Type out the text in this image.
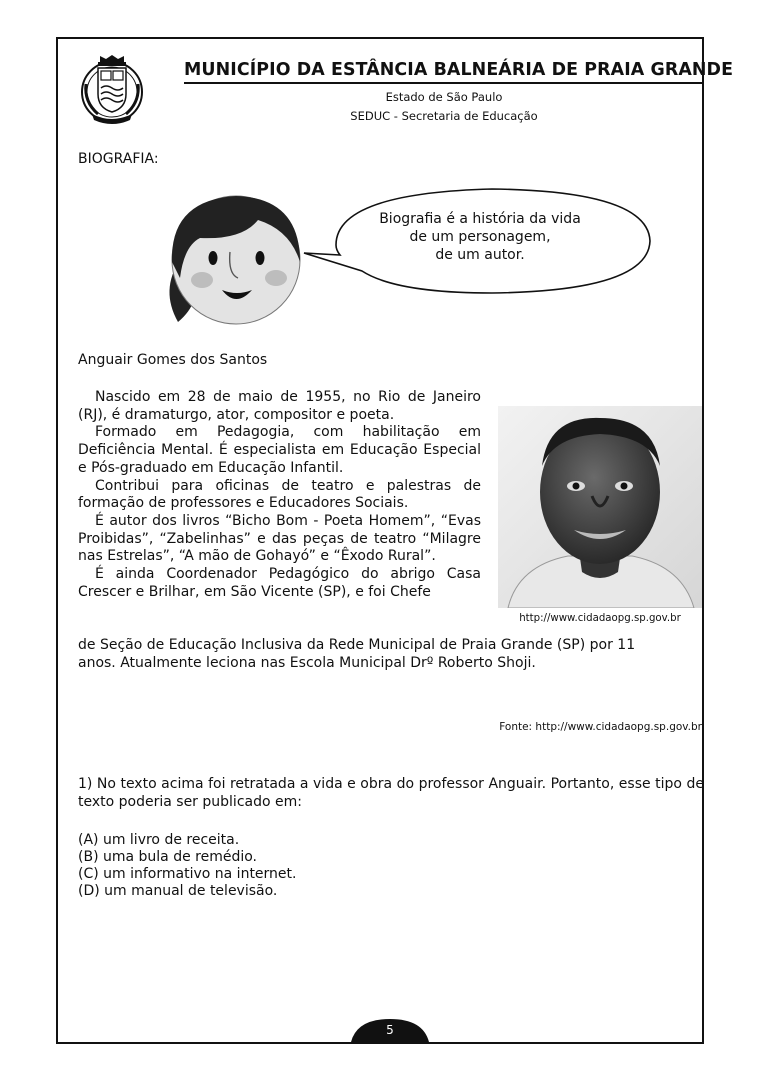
MUNICÍPIO DA ESTÂNCIA BALNEÁRIA DE PRAIA GRANDE
Estado de São Paulo
SEDUC - Secretaria de Educação
BIOGRAFIA:
Biografia é a história da vida
de um personagem,
de um autor.
Anguair Gomes dos Santos

Nascido em 28 de maio de 1955, no Rio de Janeiro (RJ), é dramaturgo, ator, compositor e poeta.

Formado em Pedagogia, com habilitação em Deficiência Mental. É especialista em Educação Especial e Pós-graduado em Educação Infantil.

Contribui para oficinas de teatro e palestras de formação de professores e Educadores Sociais.

É autor dos livros “Bicho Bom - Poeta Homem”, “Evas Proibidas”, “Zabelinhas” e das peças de teatro “Milagre nas Estrelas”, “A mão de Gohayó” e “Êxodo Rural”.

É ainda Coordenador Pedagógico do abrigo Casa Crescer e Brilhar, em São Vicente (SP), e foi Chefe

de Seção de Educação Inclusiva da Rede Municipal de Praia Grande (SP) por 11
anos. Atualmente leciona nas Escola Municipal Drº Roberto Shoji.
http://www.cidadaopg.sp.gov.br
Fonte: http://www.cidadaopg.sp.gov.br
1) No texto acima foi retratada a vida e obra do professor Anguair. Portanto, esse tipo de texto poderia ser publicado em:
(A) um livro de receita.
(B) uma bula de remédio.
(C) um informativo na internet.
(D) um manual de televisão.
5
